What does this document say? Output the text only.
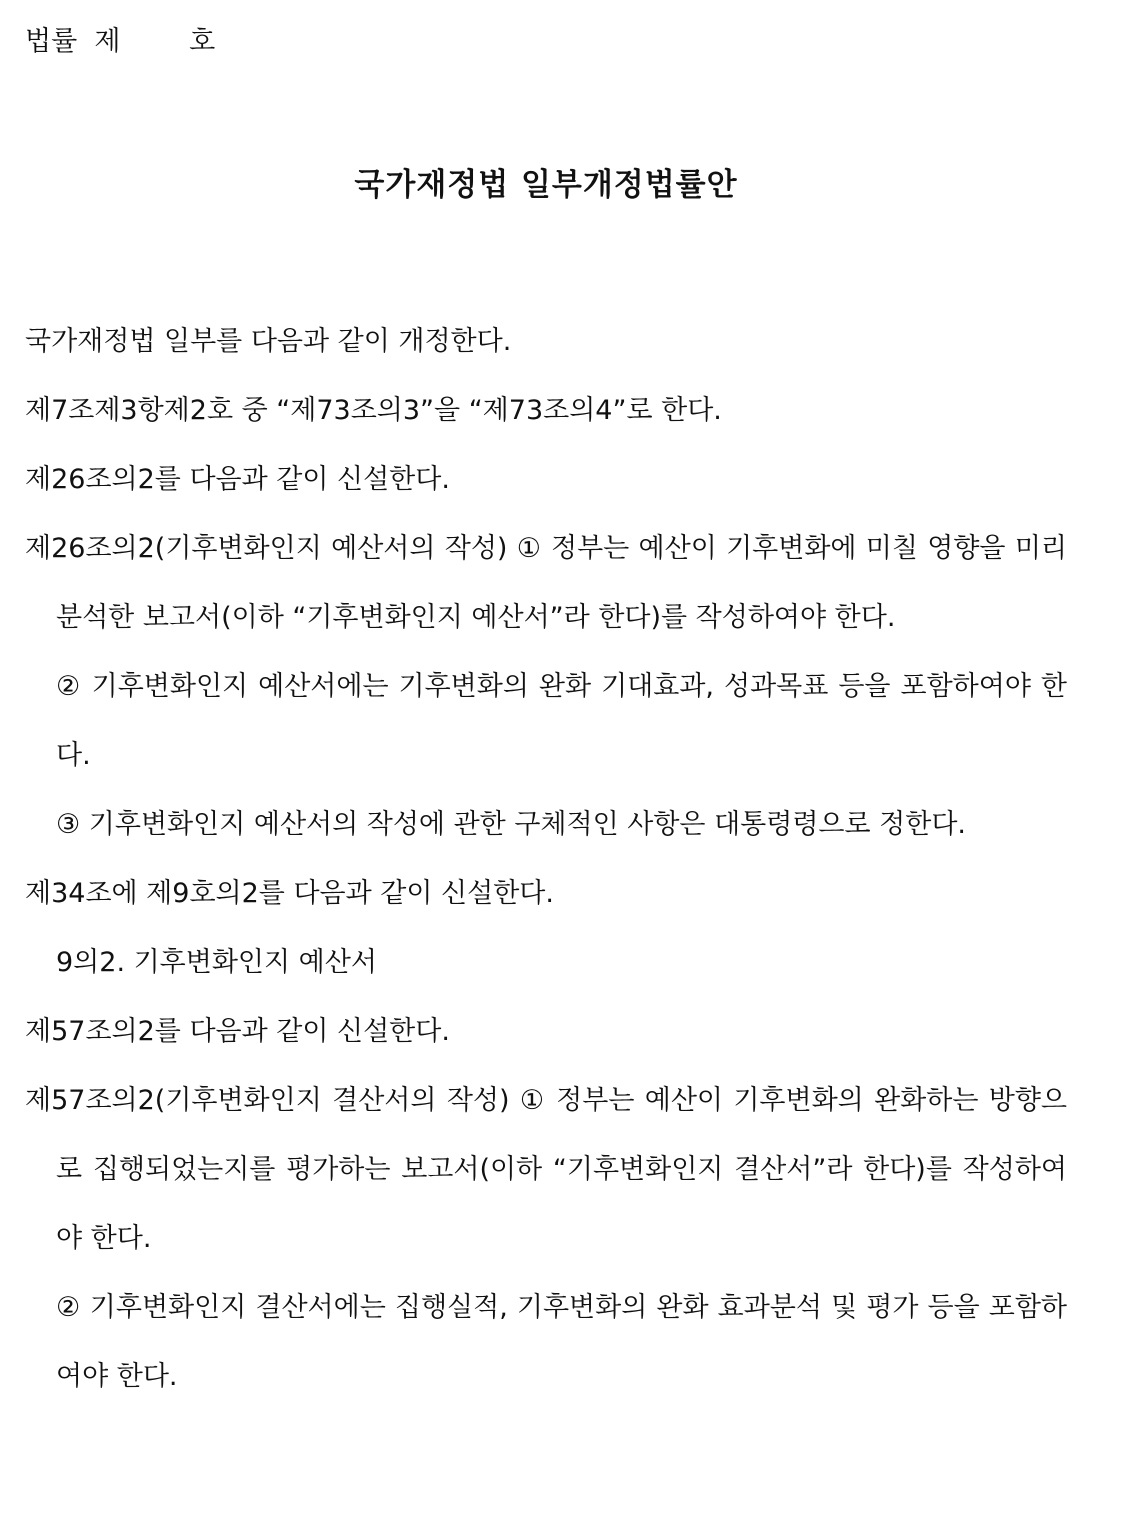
법률  제        호
국가재정법 일부개정법률안

국가재정법 일부를 다음과 같이 개정한다.

제7조제3항제2호 중 “제73조의3”을 “제73조의4”로 한다.

제26조의2를 다음과 같이 신설한다.

제26조의2(기후변화인지 예산서의 작성) ① 정부는 예산이 기후변화에 미칠 영향을 미리 분석한 보고서(이하 “기후변화인지 예산서”라 한다)를 작성하여야 한다.

② 기후변화인지 예산서에는 기후변화의 완화 기대효과, 성과목표 등을 포함하여야 한다.

③ 기후변화인지 예산서의 작성에 관한 구체적인 사항은 대통령령으로 정한다.

제34조에 제9호의2를 다음과 같이 신설한다.

9의2. 기후변화인지 예산서

제57조의2를 다음과 같이 신설한다.

제57조의2(기후변화인지 결산서의 작성) ① 정부는 예산이 기후변화의 완화하는 방향으로 집행되었는지를 평가하는 보고서(이하 “기후변화인지 결산서”라 한다)를 작성하여야 한다.

② 기후변화인지 결산서에는 집행실적, 기후변화의 완화 효과분석 및 평가 등을 포함하여야 한다.
